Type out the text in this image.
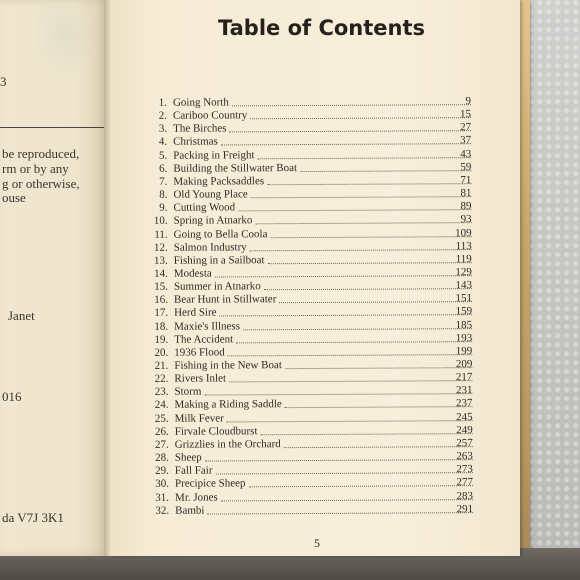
3
be reproduced,
rm or by any
g or otherwise,
ouse
Janet
016
da V7J 3K1
Table of Contents
1. Going North	9
2. Cariboo Country	15
3. The Birches	27
4. Christmas	37
5. Packing in Freight	43
6. Building the Stillwater Boat	59
7. Making Packsaddles	71
8. Old Young Place	81
9. Cutting Wood	89
10. Spring in Atnarko	93
11. Going to Bella Coola	109
12. Salmon Industry	113
13. Fishing in a Sailboat	119
14. Modesta	129
15. Summer in Atnarko	143
16. Bear Hunt in Stillwater	151
17. Herd Sire	159
18. Maxie's Illness	185
19. The Accident	193
20. 1936 Flood	199
21. Fishing in the New Boat	209
22. Rivers Inlet	217
23. Storm	231
24. Making a Riding Saddle	237
25. Milk Fever	245
26. Firvale Cloudburst	249
27. Grizzlies in the Orchard	257
28. Sheep	263
29. Fall Fair	273
30. Precipice Sheep	277
31. Mr. Jones	283
32. Bambi	291
5
